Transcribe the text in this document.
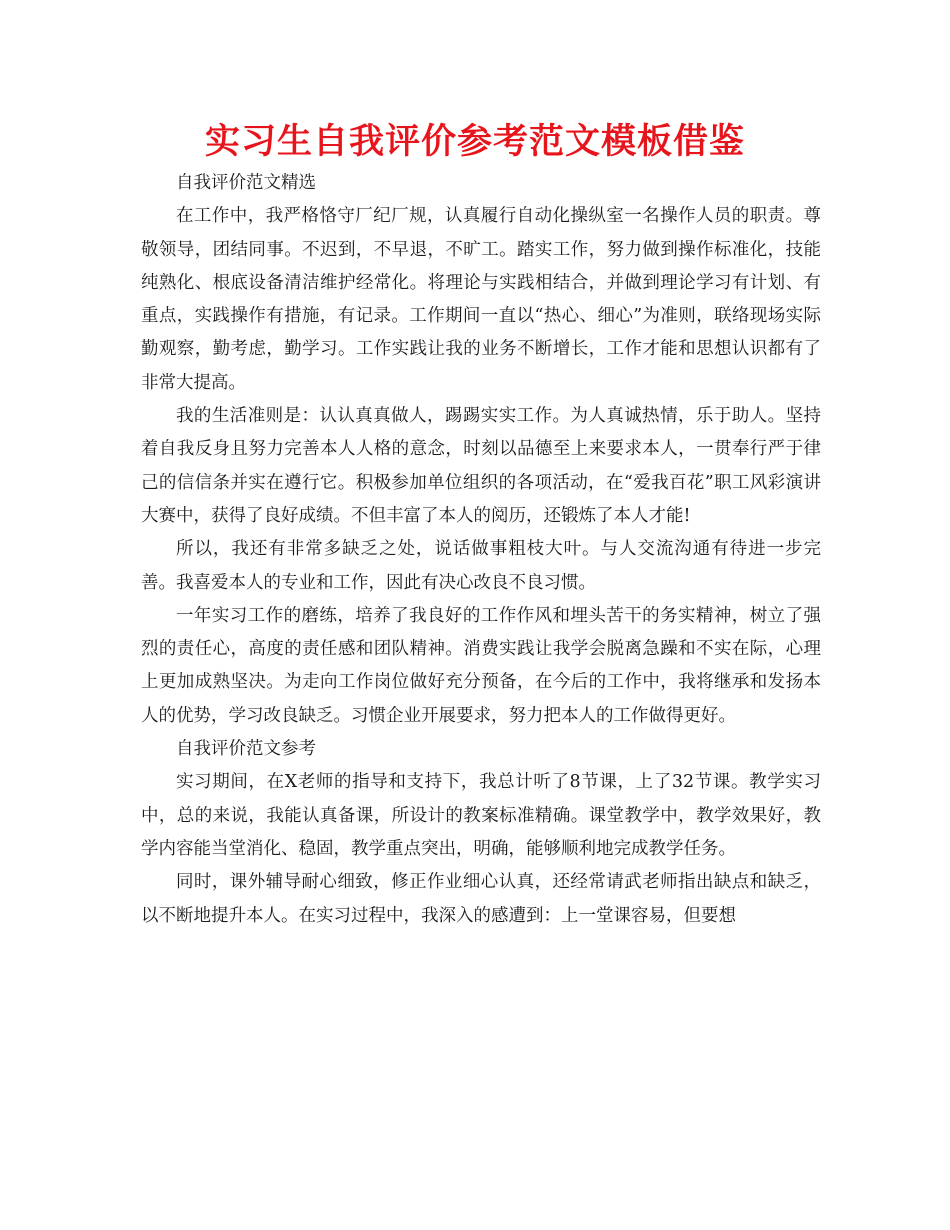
实习生自我评价参考范文模板借鉴

自我评价范文精选

在工作中，我严格恪守厂纪厂规，认真履行自动化操纵室一名操作人员的职责。尊敬领导，团结同事。不迟到，不早退，不旷工。踏实工作，努力做到操作标准化，技能纯熟化、根底设备清洁维护经常化。将理论与实践相结合，并做到理论学习有计划、有重点，实践操作有措施，有记录。工作期间一直以“热心、细心”为准则，联络现场实际勤观察，勤考虑，勤学习。工作实践让我的业务不断增长，工作才能和思想认识都有了非常大提高。

我的生活准则是：认认真真做人，踢踢实实工作。为人真诚热情，乐于助人。坚持着自我反身且努力完善本人人格的意念，时刻以品德至上来要求本人，一贯奉行严于律己的信信条并实在遵行它。积极参加单位组织的各项活动，在“爱我百花”职工风彩演讲大赛中，获得了良好成绩。不但丰富了本人的阅历，还锻炼了本人才能!

所以，我还有非常多缺乏之处，说话做事粗枝大叶。与人交流沟通有待进一步完善。我喜爱本人的专业和工作，因此有决心改良不良习惯。

一年实习工作的磨练，培养了我良好的工作作风和埋头苦干的务实精神，树立了强烈的责任心，高度的责任感和团队精神。消费实践让我学会脱离急躁和不实在际，心理上更加成熟坚决。为走向工作岗位做好充分预备，在今后的工作中，我将继承和发扬本人的优势，学习改良缺乏。习惯企业开展要求，努力把本人的工作做得更好。

自我评价范文参考

实习期间，在X老师的指导和支持下，我总计听了8节课，上了32节课。教学实习中，总的来说，我能认真备课，所设计的教案标准精确。课堂教学中，教学效果好，教学内容能当堂消化、稳固，教学重点突出，明确，能够顺利地完成教学任务。

同时，课外辅导耐心细致，修正作业细心认真，还经常请武老师指出缺点和缺乏，以不断地提升本人。在实习过程中，我深入的感遭到：上一堂课容易，但要想
